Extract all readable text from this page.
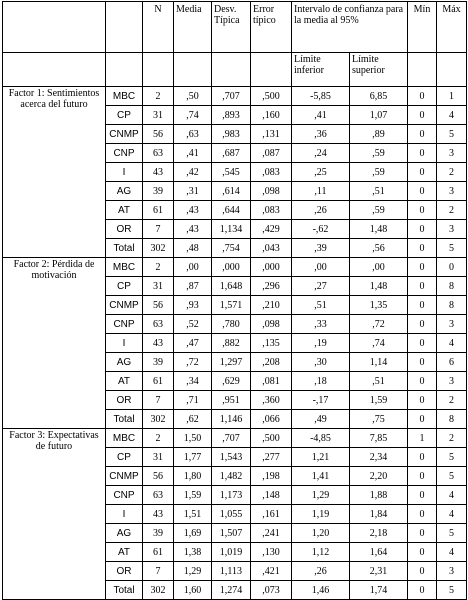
		N	Media	Desv. Típica	Error típico	Intervalo de confianza para la media al 95%		Mín	Máx
						Límite inferior	Límite superior		
Factor 1: Sentimientos acerca del futuro	MBC	2	,50	,707	,500	-5,85	6,85	0	1
	CP	31	,74	,893	,160	,41	1,07	0	4
	CNMP	56	,63	,983	,131	,36	,89	0	5
	CNP	63	,41	,687	,087	,24	,59	0	3
	I	43	,42	,545	,083	,25	,59	0	2
	AG	39	,31	,614	,098	,11	,51	0	3
	AT	61	,43	,644	,083	,26	,59	0	2
	OR	7	,43	1,134	,429	-,62	1,48	0	3
	Total	302	,48	,754	,043	,39	,56	0	5
Factor 2: Pérdida de motivación	MBC	2	,00	,000	,000	,00	,00	0	0
	CP	31	,87	1,648	,296	,27	1,48	0	8
	CNMP	56	,93	1,571	,210	,51	1,35	0	8
	CNP	63	,52	,780	,098	,33	,72	0	3
	I	43	,47	,882	,135	,19	,74	0	4
	AG	39	,72	1,297	,208	,30	1,14	0	6
	AT	61	,34	,629	,081	,18	,51	0	3
	OR	7	,71	,951	,360	-,17	1,59	0	2
	Total	302	,62	1,146	,066	,49	,75	0	8
Factor 3: Expectativas de futuro	MBC	2	1,50	,707	,500	-4,85	7,85	1	2
	CP	31	1,77	1,543	,277	1,21	2,34	0	5
	CNMP	56	1,80	1,482	,198	1,41	2,20	0	5
	CNP	63	1,59	1,173	,148	1,29	1,88	0	4
	I	43	1,51	1,055	,161	1,19	1,84	0	4
	AG	39	1,69	1,507	,241	1,20	2,18	0	5
	AT	61	1,38	1,019	,130	1,12	1,64	0	4
	OR	7	1,29	1,113	,421	,26	2,31	0	3
	Total	302	1,60	1,274	,073	1,46	1,74	0	5
